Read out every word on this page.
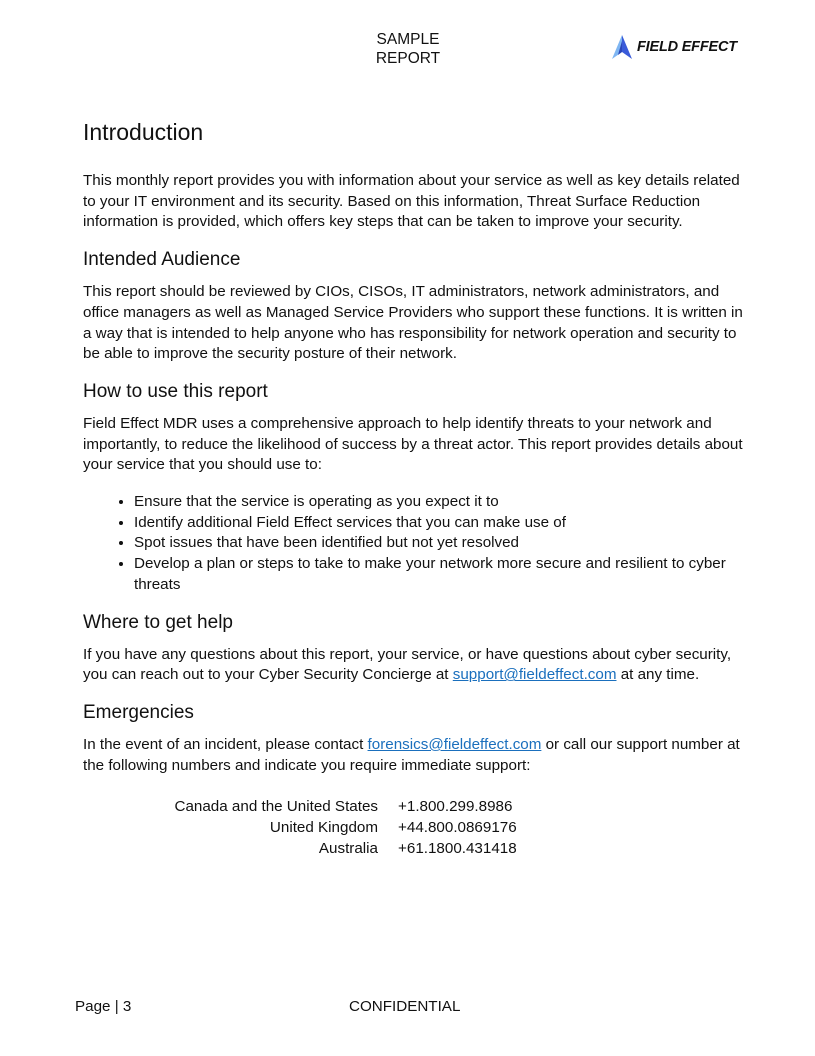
SAMPLE
REPORT
FIELD EFFECT
Introduction

This monthly report provides you with information about your service as well as key details related to your IT environment and its security. Based on this information, Threat Surface Reduction information is provided, which offers key steps that can be taken to improve your security.

Intended Audience

This report should be reviewed by CIOs, CISOs, IT administrators, network administrators, and office managers as well as Managed Service Providers who support these functions. It is written in a way that is intended to help anyone who has responsibility for network operation and security to be able to improve the security posture of their network.

How to use this report

Field Effect MDR uses a comprehensive approach to help identify threats to your network and importantly, to reduce the likelihood of success by a threat actor. This report provides details about your service that you should use to:

• Ensure that the service is operating as you expect it to
• Identify additional Field Effect services that you can make use of
• Spot issues that have been identified but not yet resolved
• Develop a plan or steps to take to make your network more secure and resilient to cyber threats
Where to get help

If you have any questions about this report, your service, or have questions about cyber security, you can reach out to your Cyber Security Concierge at support@fieldeffect.com at any time.

Emergencies

In the event of an incident, please contact forensics@fieldeffect.com or call our support number at the following numbers and indicate you require immediate support:

Canada and the United States	+1.800.299.8986
United Kingdom	+44.800.0869176
Australia	+61.1800.431418
Page | 3	CONFIDENTIAL
